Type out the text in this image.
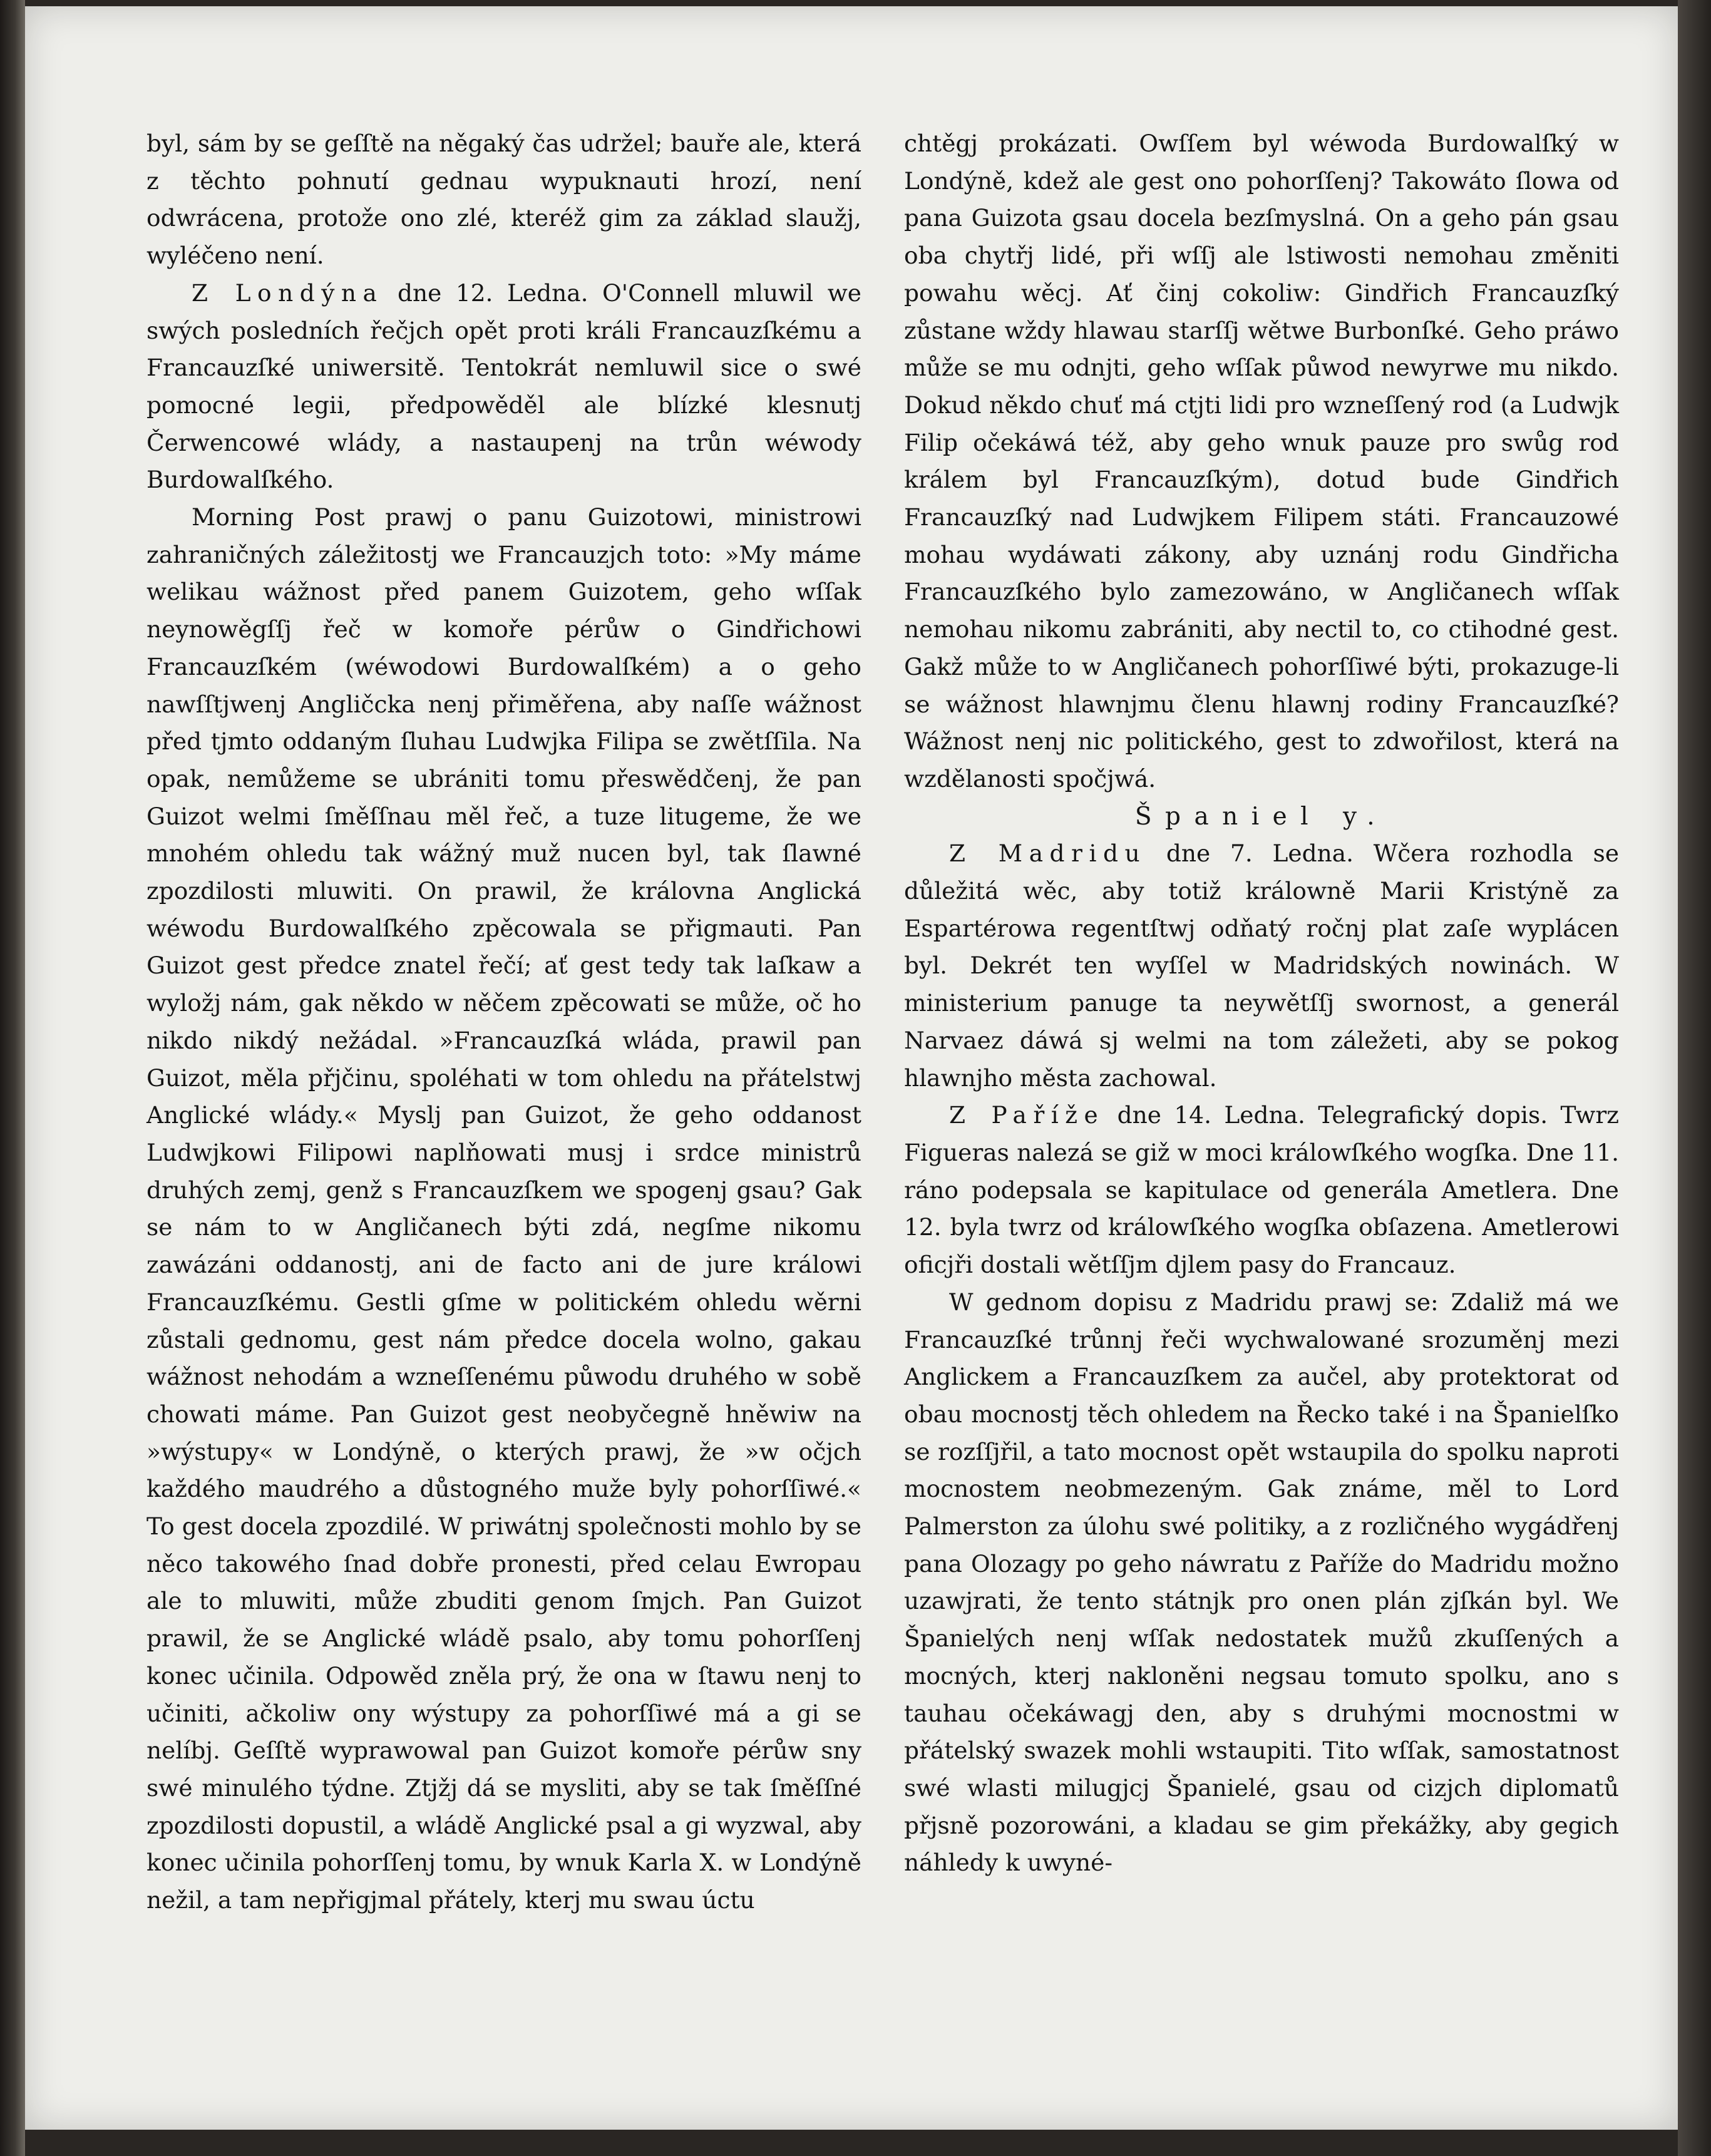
byl, sám by se geſſtě na něgaký čas udržel; bauře ale, která z těchto pohnutí gednau wypuknauti hrozí, není odwrácena, protože ono zlé, kteréž gim za základ slaužj, wyléčeno není.

Z Londýna dne 12. Ledna. O'Connell mluwil we swých posledních řečjch opět proti králi Francauzſkému a Francauzſké uniwersitě. Tentokrát nemluwil sice o swé pomocné legii, předpowěděl ale blízké klesnutj Čerwencowé wlády, a nastaupenj na trůn wéwody Burdowalſkého.

Morning Post prawj o panu Guizotowi, ministrowi zahraničných záležitostj we Francauzjch toto: »My máme welikau wážnost před panem Guizotem, geho wſſak neynowěgſſj řeč w komoře pérůw o Gindřichowi Francauzſkém (wéwodowi Burdowalſkém) a o geho nawſſtjwenj Angličcka nenj přiměřena, aby naſſe wážnost před tjmto oddaným ſluhau Ludwjka Filipa se zwětſſila. Na opak, nemůžeme se ubrániti tomu přeswědčenj, že pan Guizot welmi ſměſſnau měl řeč, a tuze litugeme, že we mnohém ohledu tak wážný muž nucen byl, tak ſlawné zpozdilosti mluwiti. On prawil, že královna Anglická wéwodu Burdowalſkého zpěcowala se přigmauti. Pan Guizot gest předce znatel řečí; ať gest tedy tak laſkaw a wyložj nám, gak někdo w něčem zpěcowati se může, oč ho nikdo nikdý nežádal. »Francauzſká wláda, prawil pan Guizot, měla přjčinu, spoléhati w tom ohledu na přátelstwj Anglické wlády.« Myslj pan Guizot, že geho oddanost Ludwjkowi Filipowi naplňowati musj i srdce ministrů druhých zemj, genž s Francauzſkem we spogenj gsau? Gak se nám to w Angličanech býti zdá, negſme nikomu zawázáni oddanostj, ani de facto ani de jure králowi Francauzſkému. Gestli gſme w politickém ohledu wěrni zůstali gednomu, gest nám předce docela wolno, gakau wážnost nehodám a wzneſſenému půwodu druhého w sobě chowati máme. Pan Guizot gest neobyčegně hněwiw na »wýstupy« w Londýně, o kterých prawj, že »w očjch každého maudrého a důstogného muže byly pohorſſiwé.« To gest docela zpozdilé. W priwátnj společnosti mohlo by se něco takowého ſnad dobře pronesti, před celau Ewropau ale to mluwiti, může zbuditi genom ſmjch. Pan Guizot prawil, že se Anglické wládě psalo, aby tomu pohorſſenj konec učinila. Odpowěd zněla prý, že ona w ſtawu nenj to učiniti, ačkoliw ony wýstupy za pohorſſiwé má a gi se nelíbj. Geſſtě wyprawowal pan Guizot komoře pérůw sny swé minulého týdne. Ztjžj dá se mysliti, aby se tak ſměſſné zpozdilosti dopustil, a wládě Anglické psal a gi wyzwal, aby konec učinila pohorſſenj tomu, by wnuk Karla X. w Londýně nežil, a tam nepřigjmal přátely, kterj mu swau úctu

chtěgj prokázati. Owſſem byl wéwoda Burdowalſký w Londýně, kdež ale gest ono pohorſſenj? Takowáto ſlowa od pana Guizota gsau docela bezſmyslná. On a geho pán gsau oba chytřj lidé, při wſſj ale lstiwosti nemohau změniti powahu wěcj. Ať činj cokoliw: Gindřich Francauzſký zůstane wždy hlawau starſſj wětwe Burbonſké. Geho práwo může se mu odnjti, geho wſſak půwod newyrwe mu nikdo. Dokud někdo chuť má ctjti lidi pro wzneſſený rod (a Ludwjk Filip očekáwá též, aby geho wnuk pauze pro swůg rod králem byl Francauzſkým), dotud bude Gindřich Francauzſký nad Ludwjkem Filipem státi. Francauzowé mohau wydáwati zákony, aby uznánj rodu Gindřicha Francauzſkého bylo zamezowáno, w Angličanech wſſak nemohau nikomu zabrániti, aby nectil to, co ctihodné gest. Gakž může to w Angličanech pohorſſiwé býti, prokazuge-li se wážnost hlawnjmu členu hlawnj rodiny Francauzſké? Wážnost nenj nic politického, gest to zdwořilost, která na wzdělanosti spočjwá.

Španiel y.

Z Madridu dne 7. Ledna. Wčera rozhodla se důležitá wěc, aby totiž králowně Marii Kristýně za Espartérowa regentſtwj odňatý ročnj plat zaſe wyplácen byl. Dekrét ten wyſſel w Madridských nowinách. W ministerium panuge ta neywětſſj swornost, a generál Narvaez dáwá sj welmi na tom záležeti, aby se pokog hlawnjho města zachowal.

Z Paříže dne 14. Ledna. Telegrafický dopis. Twrz Figueras nalezá se giž w moci králowſkého wogſka. Dne 11. ráno podepsala se kapitulace od generála Ametlera. Dne 12. byla twrz od králowſkého wogſka obſazena. Ametlerowi oficjři dostali wětſſjm djlem pasy do Francauz.

W gednom dopisu z Madridu prawj se: Zdaliž má we Francauzſké trůnnj řeči wychwalowané srozuměnj mezi Anglickem a Francauzſkem za aučel, aby protektorat od obau mocnostj těch ohledem na Řecko také i na Španielſko se rozſſjřil, a tato mocnost opět wstaupila do spolku naproti mocnostem neobmezeným. Gak známe, měl to Lord Palmerston za úlohu swé politiky, a z rozličného wygádřenj pana Olozagy po geho náwratu z Paříže do Madridu možno uzawjrati, že tento státnjk pro onen plán zjſkán byl. We Španielých nenj wſſak nedostatek mužů zkuſſených a mocných, kterj nakloněni negsau tomuto spolku, ano s tauhau očekáwagj den, aby s druhými mocnostmi w přátelský swazek mohli wstaupiti. Tito wſſak, samostatnost swé wlasti milugjcj Španielé, gsau od cizjch diplomatů přjsně pozorowáni, a kladau se gim překážky, aby gegich náhledy k uwyné-
